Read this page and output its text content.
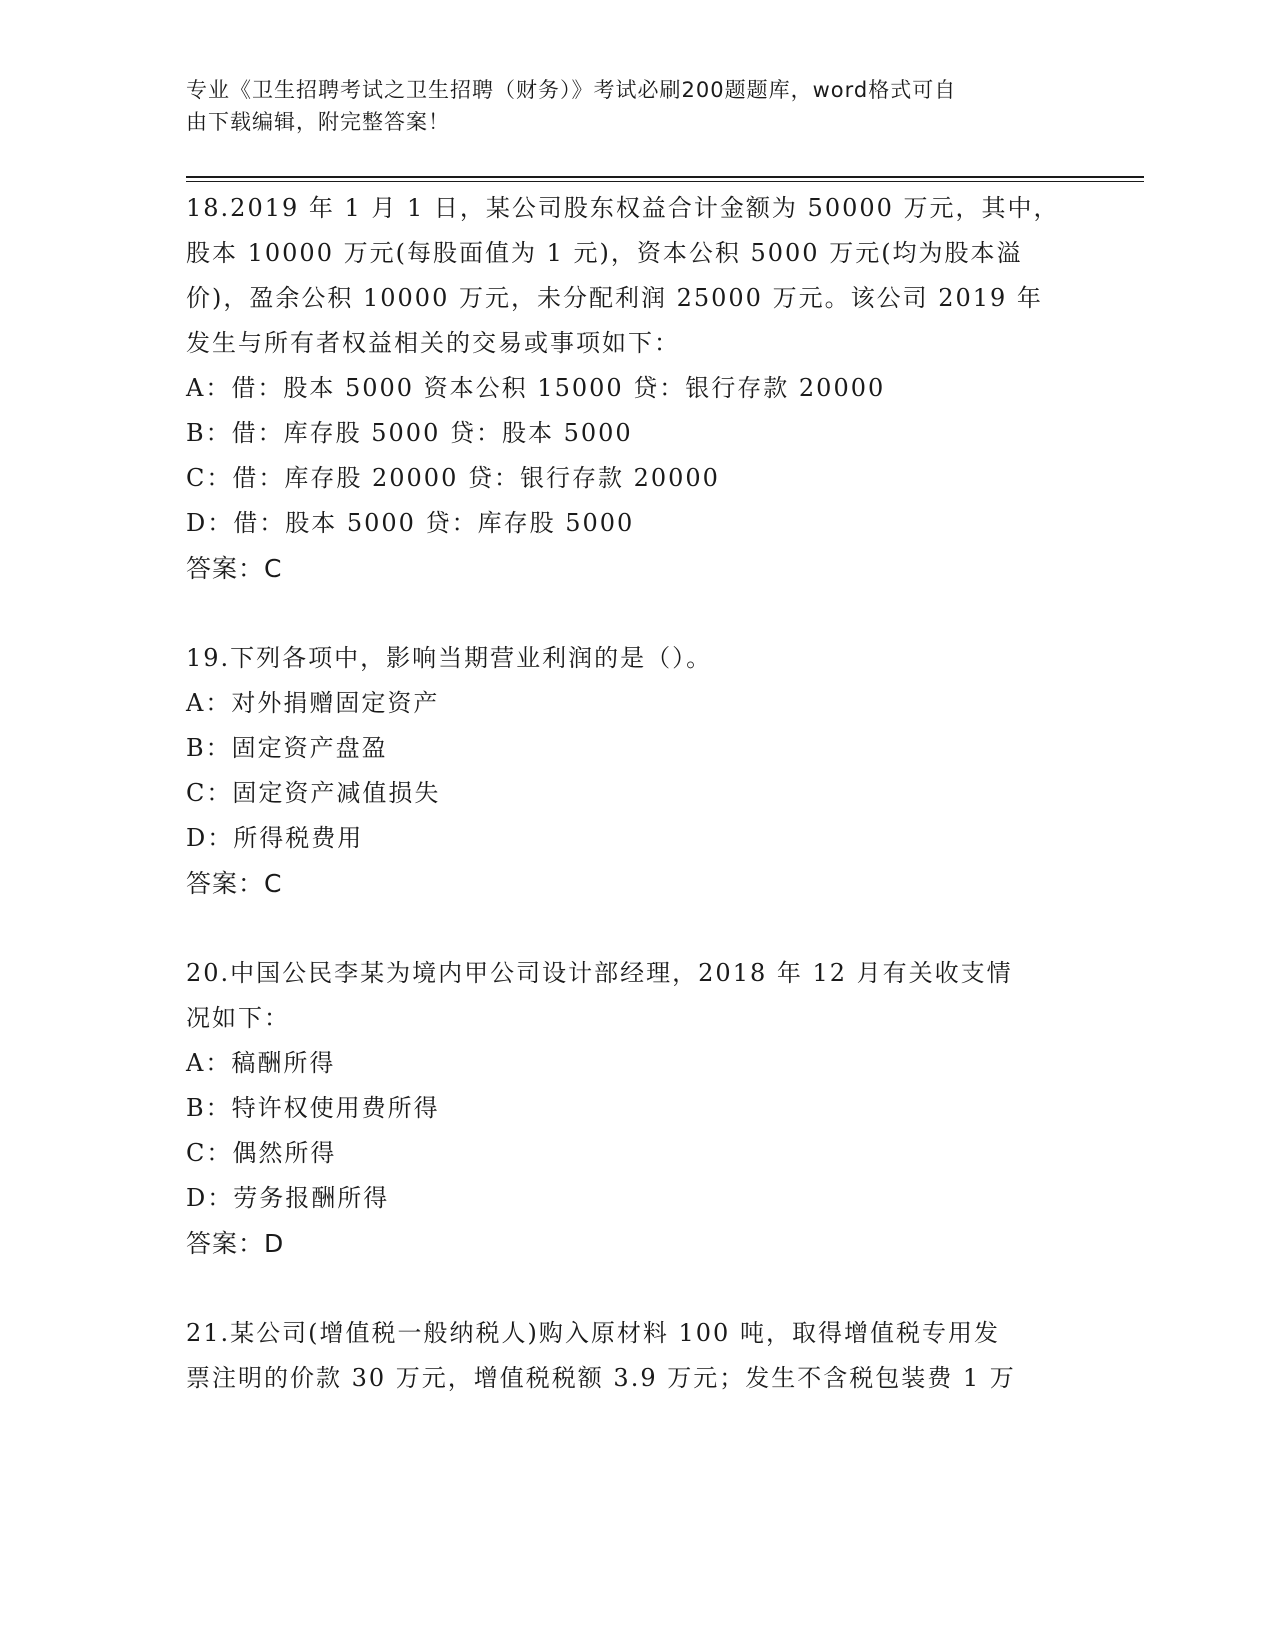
专业《卫生招聘考试之卫生招聘（财务）》考试必刷200题题库，word格式可自
由下载编辑，附完整答案！
18.2019 年 1 月 1 日，某公司股东权益合计金额为 50000 万元，其中，
股本 10000 万元(每股面值为 1 元)，资本公积 5000 万元(均为股本溢
价)，盈余公积 10000 万元，未分配利润 25000 万元。该公司 2019 年
发生与所有者权益相关的交易或事项如下：
A：借：股本 5000 资本公积 15000 贷：银行存款 20000
B：借：库存股 5000 贷：股本 5000
C：借：库存股 20000 贷：银行存款 20000
D：借：股本 5000 贷：库存股 5000
答案：C
19.下列各项中，影响当期营业利润的是（）。
A：对外捐赠固定资产
B：固定资产盘盈
C：固定资产减值损失
D：所得税费用
答案：C
20.中国公民李某为境内甲公司设计部经理，2018 年 12 月有关收支情
况如下：
A：稿酬所得
B：特许权使用费所得
C：偶然所得
D：劳务报酬所得
答案：D
21.某公司(增值税一般纳税人)购入原材料 100 吨，取得增值税专用发
票注明的价款 30 万元，增值税税额 3.9 万元；发生不含税包装费 1 万
